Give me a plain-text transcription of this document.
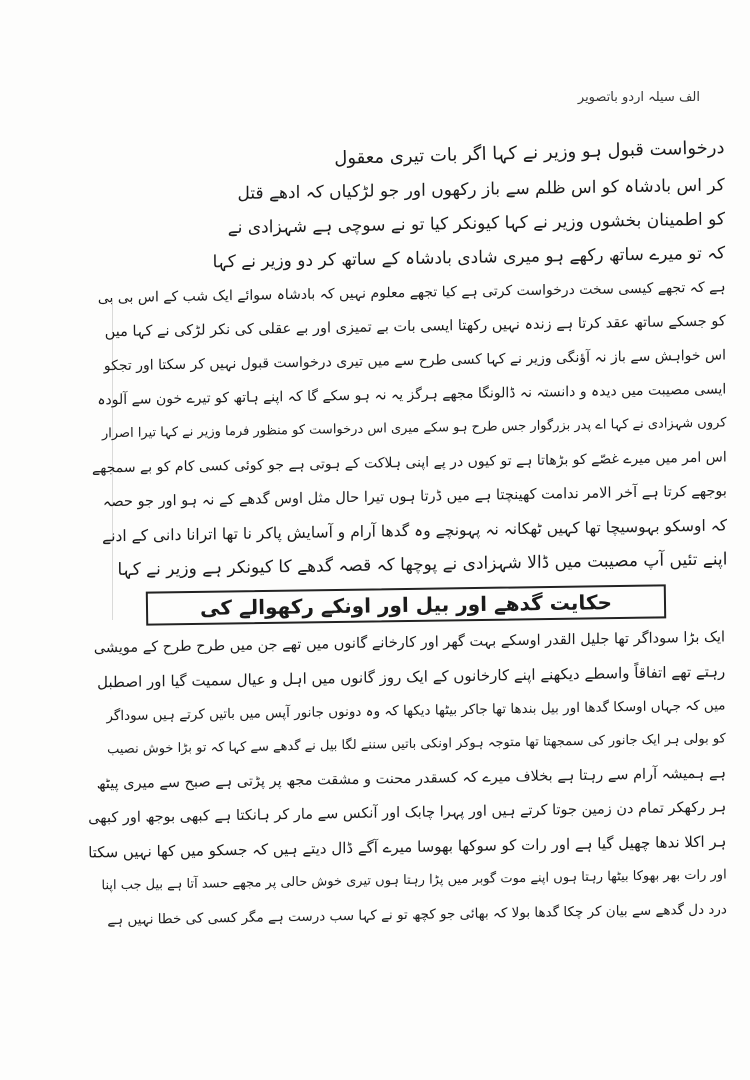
الف سیلہ اردو باتصویر
درخواست قبول ہو وزیر نے کہا اگر بات تیری معقول
کر اس بادشاہ کو اس ظلم سے باز رکھوں اور جو لڑکیاں کہ ادھے قتل
کو اطمینان بخشوں وزیر نے کہا کیونکر کیا تو نے سوچی ہے شہزادی نے
کہ تو میرے ساتھ رکھے ہو میری شادی بادشاہ کے ساتھ کر دو وزیر نے کہا
ہے کہ تجھے کیسی سخت درخواست کرتی ہے کیا تجھے معلوم نہیں کہ بادشاہ سوائے ایک شب کے اس بی بی
کو جسکے ساتھ عقد کرتا ہے زندہ نہیں رکھتا ایسی بات بے تمیزی اور بے عقلی کی نکر لڑکی نے کہا میں
اس خواہش سے باز نہ آؤنگی وزیر نے کہا کسی طرح سے میں تیری درخواست قبول نہیں کر سکتا اور تجکو
ایسی مصیبت میں دیدہ و دانستہ نہ ڈالونگا مجھے ہرگز یہ نہ ہو سکے گا کہ اپنے ہاتھ کو تیرے خون سے آلودہ
کروں شہزادی نے کہا اے پدر بزرگوار جس طرح ہو سکے میری اس درخواست کو منظور فرما وزیر نے کہا تیرا اصرار
اس امر میں میرے غصّے کو بڑھاتا ہے تو کیوں در پے اپنی ہلاکت کے ہوتی ہے جو کوئی کسی کام کو بے سمجھے
بوجھے کرتا ہے آخر الامر ندامت کھینچتا ہے میں ڈرتا ہوں تیرا حال مثل اوس گدھے کے نہ ہو اور جو حصہ
کہ اوسکو بہوسیچا تھا کہیں ٹھکانہ نہ پہونچے وہ گدھا آرام و آسایش پاکر نا تھا اترانا دانی کے ادنے
اپنے تئیں آپ مصیبت میں ڈالا شہزادی نے پوچھا کہ قصہ گدھے کا کیونکر ہے وزیر نے کہا
حکایت گدھے اور بیل اور اونکے رکھوالے کی
ایک بڑا سوداگر تھا جلیل القدر اوسکے بہت گھر اور کارخانے گانوں میں تھے جن میں طرح طرح کے مویشی
رہتے تھے اتفاقاً واسطے دیکھنے اپنے کارخانوں کے ایک روز گانوں میں اہل و عیال سمیت گیا اور اصطبل
میں کہ جہاں اوسکا گدھا اور بیل بندھا تھا جاکر بیٹھا دیکھا کہ وہ دونوں جانور آپس میں باتیں کرتے ہیں سوداگر
کو بولی ہر ایک جانور کی سمجھتا تھا متوجہ ہوکر اونکی باتیں سننے لگا بیل نے گدھے سے کہا کہ تو بڑا خوش نصیب
ہے ہمیشہ آرام سے رہتا ہے بخلاف میرے کہ کسقدر محنت و مشقت مجھ پر پڑتی ہے صبح سے میری پیٹھ
ہر رکھکر تمام دن زمین جوتا کرتے ہیں اور پہرا چابک اور آنکس سے مار کر ہانکتا ہے کبھی بوجھ اور کبھی
ہر اکلا ندھا چھیل گیا ہے اور رات کو سوکھا بھوسا میرے آگے ڈال دیتے ہیں کہ جسکو میں کھا نہیں سکتا
اور رات بھر بھوکا بیٹھا رہتا ہوں اپنے موت گوبر میں پڑا رہتا ہوں تیری خوش حالی پر مجھے حسد آتا ہے بیل جب اپنا
درد دل گدھے سے بیان کر چکا گدھا بولا کہ بھائی جو کچھ تو نے کہا سب درست ہے مگر کسی کی خطا نہیں ہے
